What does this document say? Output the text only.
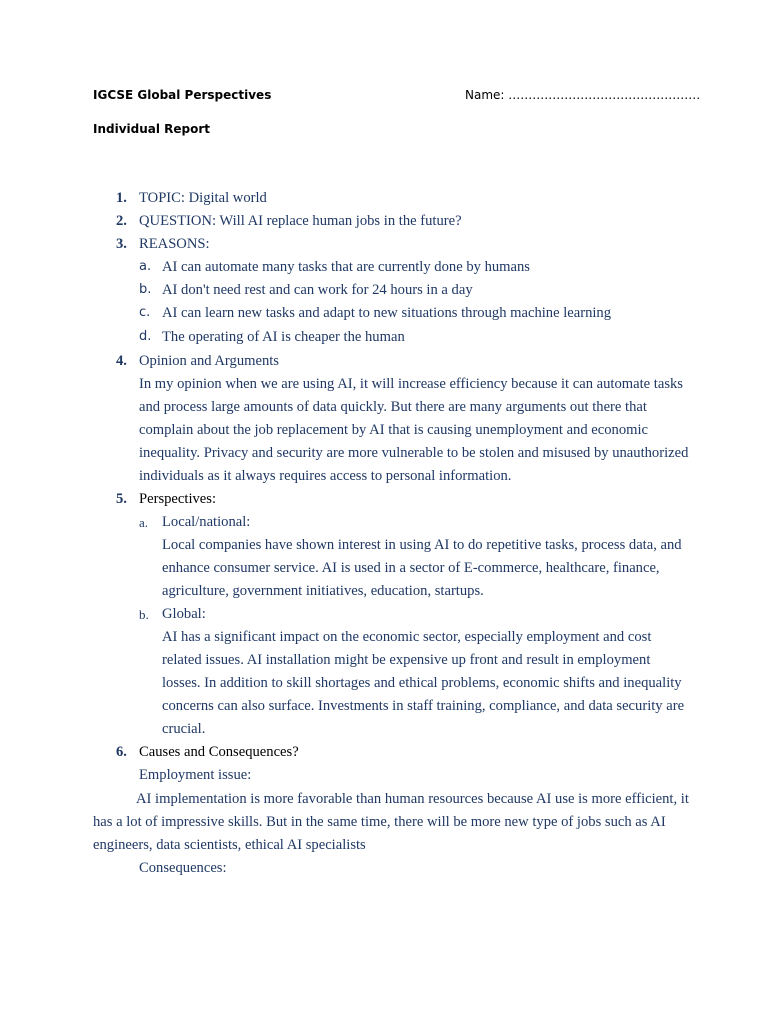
IGCSE Global Perspectives	Name: …………………………………………
Individual Report
1. TOPIC: Digital world
2. QUESTION: Will AI replace human jobs in the future?
3. REASONS:
a. AI can automate many tasks that are currently done by humans
b. AI don't need rest and can work for 24 hours in a day
c. AI can learn new tasks and adapt to new situations through machine learning
d. The operating of AI is cheaper the human
4. Opinion and Arguments
In my opinion when we are using AI, it will increase efficiency because it can automate tasks
and process large amounts of data quickly. But there are many arguments out there that
complain about the job replacement by AI that is causing unemployment and economic
inequality. Privacy and security are more vulnerable to be stolen and misused by unauthorized
individuals as it always requires access to personal information.
5. Perspectives:
a. Local/national:
Local companies have shown interest in using AI to do repetitive tasks, process data, and
enhance consumer service. AI is used in a sector of E-commerce, healthcare, finance,
agriculture, government initiatives, education, startups.
b. Global:
AI has a significant impact on the economic sector, especially employment and cost
related issues. AI installation might be expensive up front and result in employment
losses. In addition to skill shortages and ethical problems, economic shifts and inequality
concerns can also surface. Investments in staff training, compliance, and data security are
crucial.
6. Causes and Consequences?
Employment issue:
AI implementation is more favorable than human resources because AI use is more efficient, it
has a lot of impressive skills. But in the same time, there will be more new type of jobs such as AI
engineers, data scientists, ethical AI specialists
Consequences:
